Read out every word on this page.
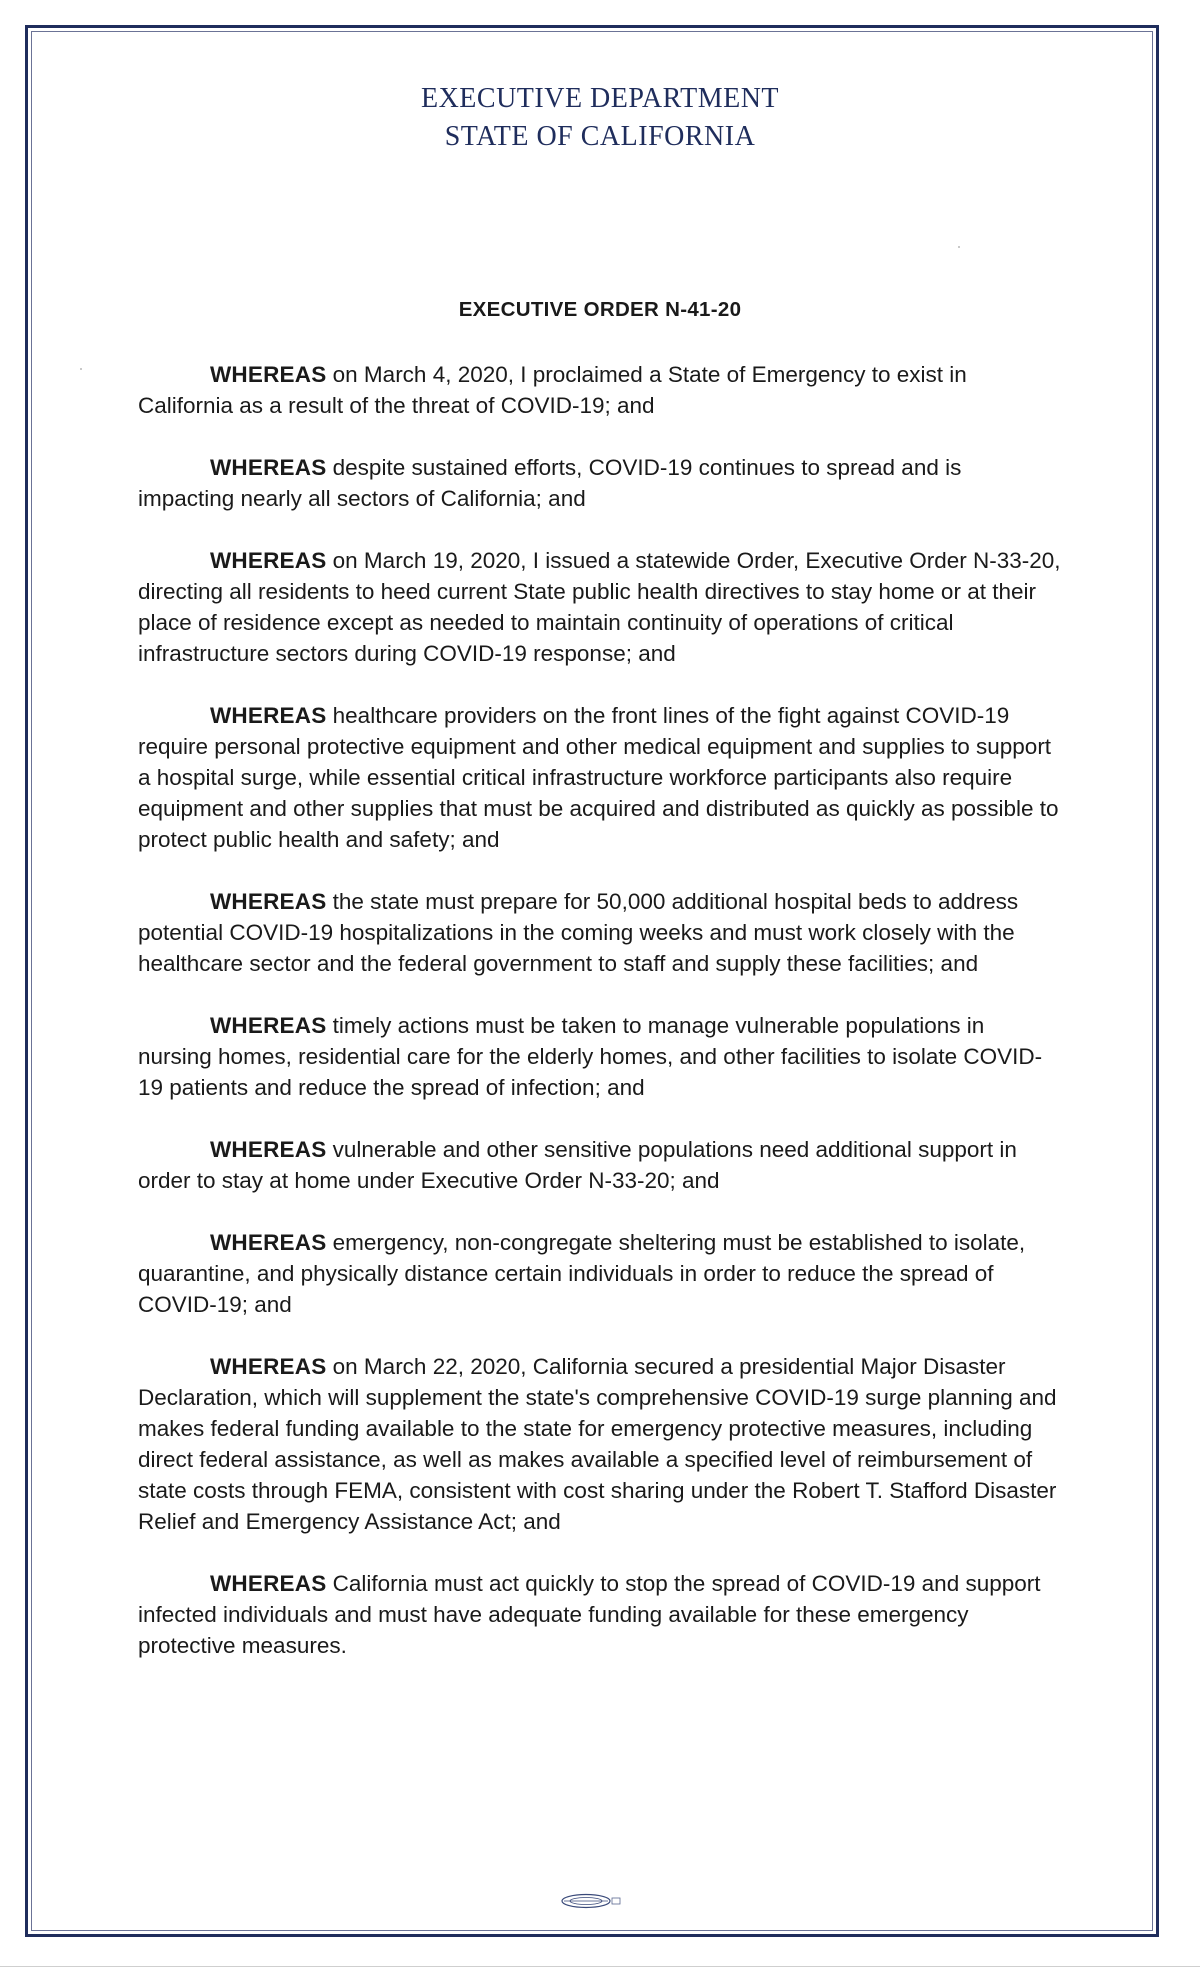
EXECUTIVE DEPARTMENT
STATE OF CALIFORNIA
EXECUTIVE ORDER N-41-20

WHEREAS on March 4, 2020, I proclaimed a State of Emergency to exist in California as a result of the threat of COVID-19; and

WHEREAS despite sustained efforts, COVID-19 continues to spread and is impacting nearly all sectors of California; and

WHEREAS on March 19, 2020, I issued a statewide Order, Executive Order N-33-20, directing all residents to heed current State public health directives to stay home or at their place of residence except as needed to maintain continuity of operations of critical infrastructure sectors during COVID-19 response; and

WHEREAS healthcare providers on the front lines of the fight against COVID-19 require personal protective equipment and other medical equipment and supplies to support a hospital surge, while essential critical infrastructure workforce participants also require equipment and other supplies that must be acquired and distributed as quickly as possible to protect public health and safety; and

WHEREAS the state must prepare for 50,000 additional hospital beds to address potential COVID-19 hospitalizations in the coming weeks and must work closely with the healthcare sector and the federal government to staff and supply these facilities; and

WHEREAS timely actions must be taken to manage vulnerable populations in nursing homes, residential care for the elderly homes, and other facilities to isolate COVID-19 patients and reduce the spread of infection; and

WHEREAS vulnerable and other sensitive populations need additional support in order to stay at home under Executive Order N-33-20; and

WHEREAS emergency, non-congregate sheltering must be established to isolate, quarantine, and physically distance certain individuals in order to reduce the spread of COVID-19; and

WHEREAS on March 22, 2020, California secured a presidential Major Disaster Declaration, which will supplement the state's comprehensive COVID-19 surge planning and makes federal funding available to the state for emergency protective measures, including direct federal assistance, as well as makes available a specified level of reimbursement of state costs through FEMA, consistent with cost sharing under the Robert T. Stafford Disaster Relief and Emergency Assistance Act; and

WHEREAS California must act quickly to stop the spread of COVID-19 and support infected individuals and must have adequate funding available for these emergency protective measures.
